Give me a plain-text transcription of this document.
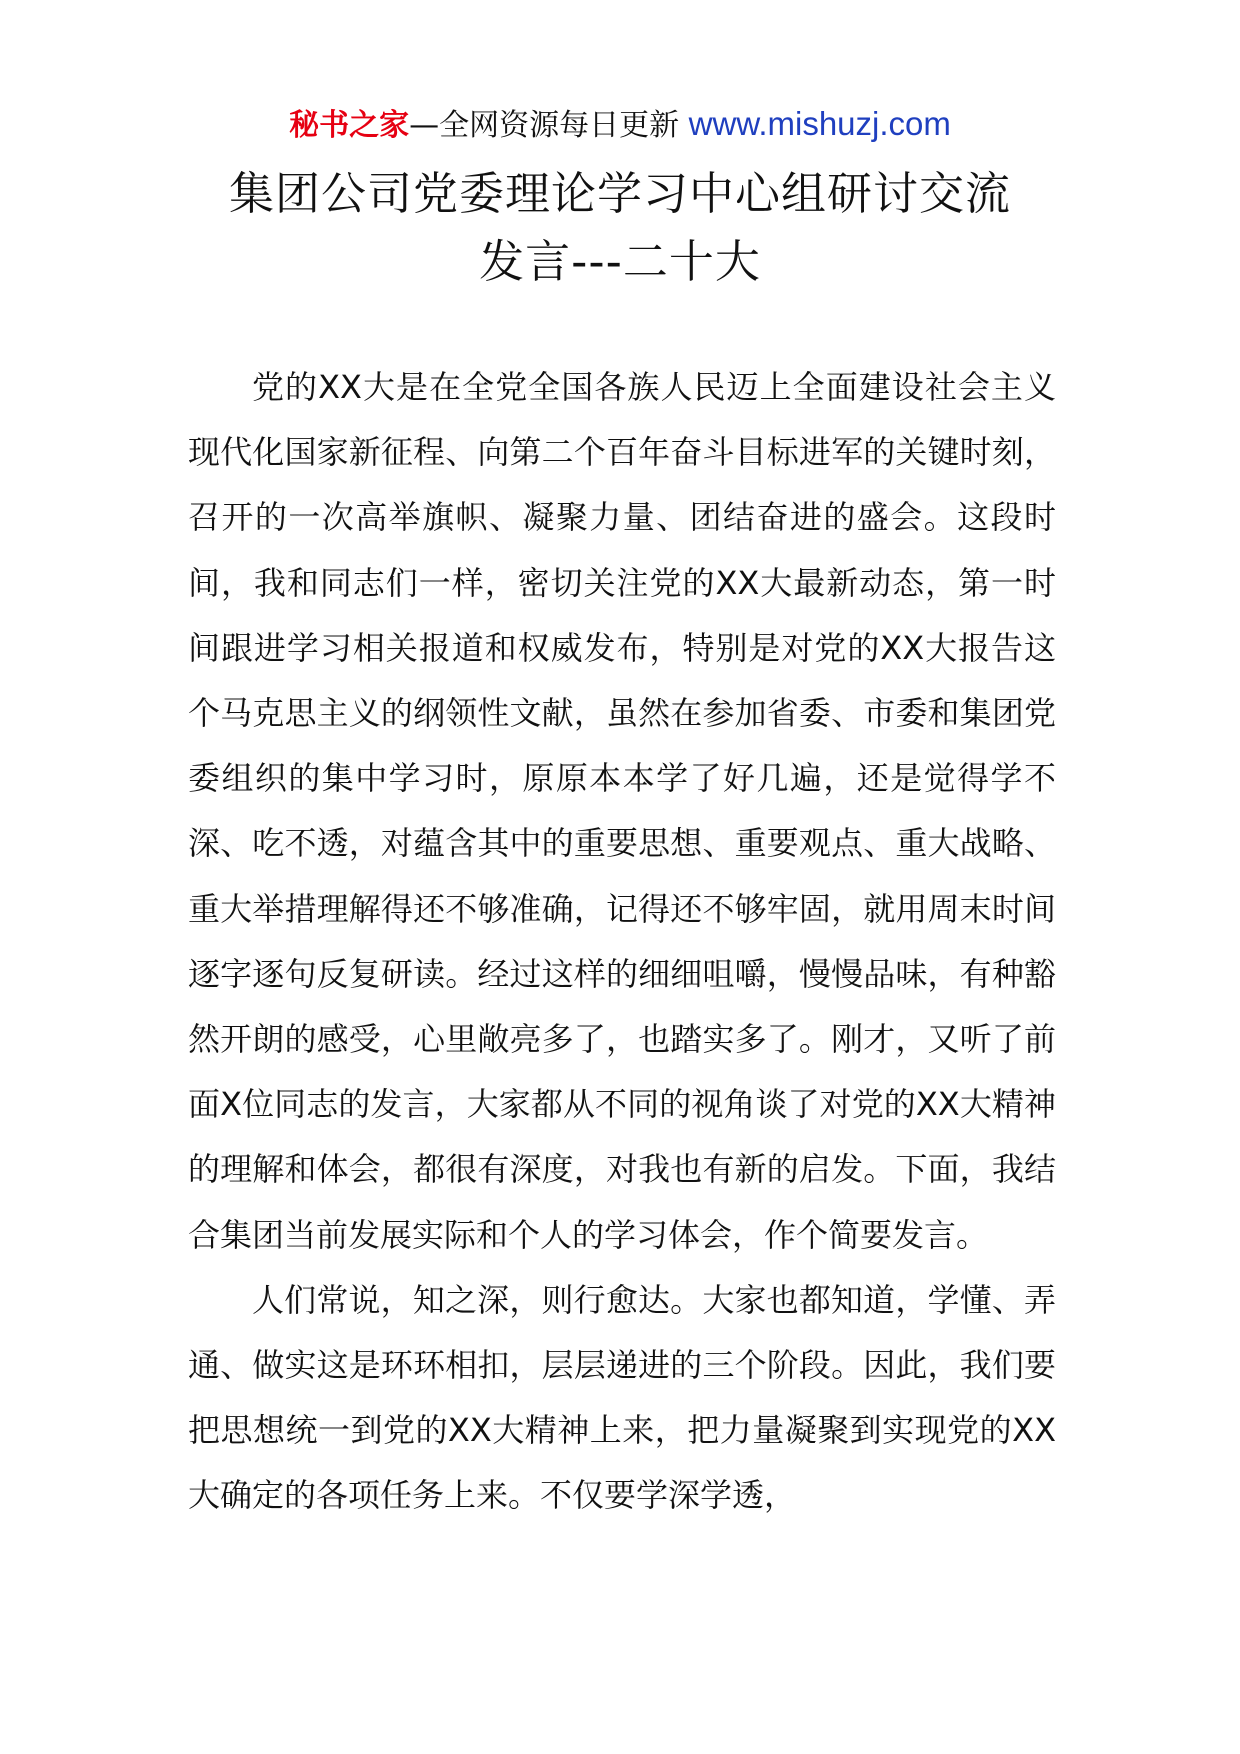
秘书之家—全网资源每日更新 www.mishuzj.com
集团公司党委理论学习中心组研讨交流
发言---二十大

党的XX大是在全党全国各族人民迈上全面建设社会主义现代化国家新征程、向第二个百年奋斗目标进军的关键时刻，召开的一次高举旗帜、凝聚力量、团结奋进的盛会。这段时间，我和同志们一样，密切关注党的XX大最新动态，第一时间跟进学习相关报道和权威发布，特别是对党的XX大报告这个马克思主义的纲领性文献，虽然在参加省委、市委和集团党委组织的集中学习时，原原本本学了好几遍，还是觉得学不深、吃不透，对蕴含其中的重要思想、重要观点、重大战略、重大举措理解得还不够准确，记得还不够牢固，就用周末时间逐字逐句反复研读。经过这样的细细咀嚼，慢慢品味，有种豁然开朗的感受，心里敞亮多了，也踏实多了。刚才，又听了前面X位同志的发言，大家都从不同的视角谈了对党的XX大精神的理解和体会，都很有深度，对我也有新的启发。下面，我结合集团当前发展实际和个人的学习体会，作个简要发言。

人们常说，知之深，则行愈达。大家也都知道，学懂、弄通、做实这是环环相扣，层层递进的三个阶段。因此，我们要把思想统一到党的XX大精神上来，把力量凝聚到实现党的XX大确定的各项任务上来。不仅要学深学透，
